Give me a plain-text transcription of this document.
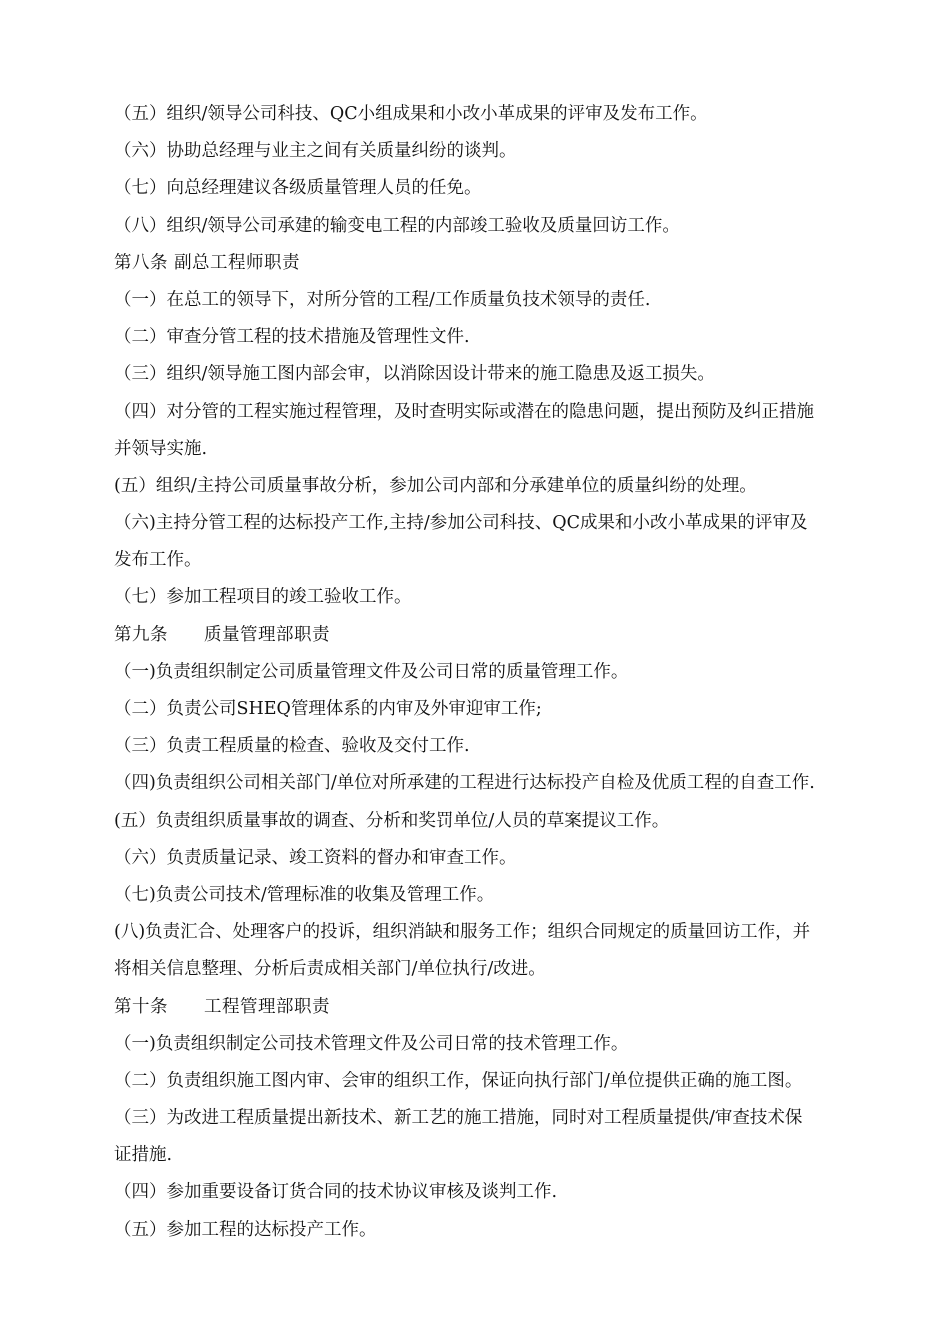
（五）组织/领导公司科技、QC小组成果和小改小革成果的评审及发布工作。
（六）协助总经理与业主之间有关质量纠纷的谈判。
（七）向总经理建议各级质量管理人员的任免。
（八）组织/领导公司承建的输变电工程的内部竣工验收及质量回访工作。
第八条 副总工程师职责
（一）在总工的领导下，对所分管的工程/工作质量负技术领导的责任.
（二）审查分管工程的技术措施及管理性文件.
（三）组织/领导施工图内部会审，以消除因设计带来的施工隐患及返工损失。
（四）对分管的工程实施过程管理，及时查明实际或潜在的隐患问题，提出预防及纠正措施
并领导实施.
(五）组织/主持公司质量事故分析，参加公司内部和分承建单位的质量纠纷的处理。
（六)主持分管工程的达标投产工作,主持/参加公司科技、QC成果和小改小革成果的评审及
发布工作。
（七）参加工程项目的竣工验收工作。
第九条　　质量管理部职责
（一)负责组织制定公司质量管理文件及公司日常的质量管理工作。
（二）负责公司SHEQ管理体系的内审及外审迎审工作;
（三）负责工程质量的检查、验收及交付工作.
（四)负责组织公司相关部门/单位对所承建的工程进行达标投产自检及优质工程的自查工作.
(五）负责组织质量事故的调查、分析和奖罚单位/人员的草案提议工作。
（六）负责质量记录、竣工资料的督办和审查工作。
（七)负责公司技术/管理标准的收集及管理工作。
(八)负责汇合、处理客户的投诉，组织消缺和服务工作；组织合同规定的质量回访工作，并
将相关信息整理、分析后责成相关部门/单位执行/改进。
第十条　　工程管理部职责
（一)负责组织制定公司技术管理文件及公司日常的技术管理工作。
（二）负责组织施工图内审、会审的组织工作，保证向执行部门/单位提供正确的施工图。
（三）为改进工程质量提出新技术、新工艺的施工措施，同时对工程质量提供/审查技术保
证措施.
（四）参加重要设备订货合同的技术协议审核及谈判工作.
（五）参加工程的达标投产工作。
